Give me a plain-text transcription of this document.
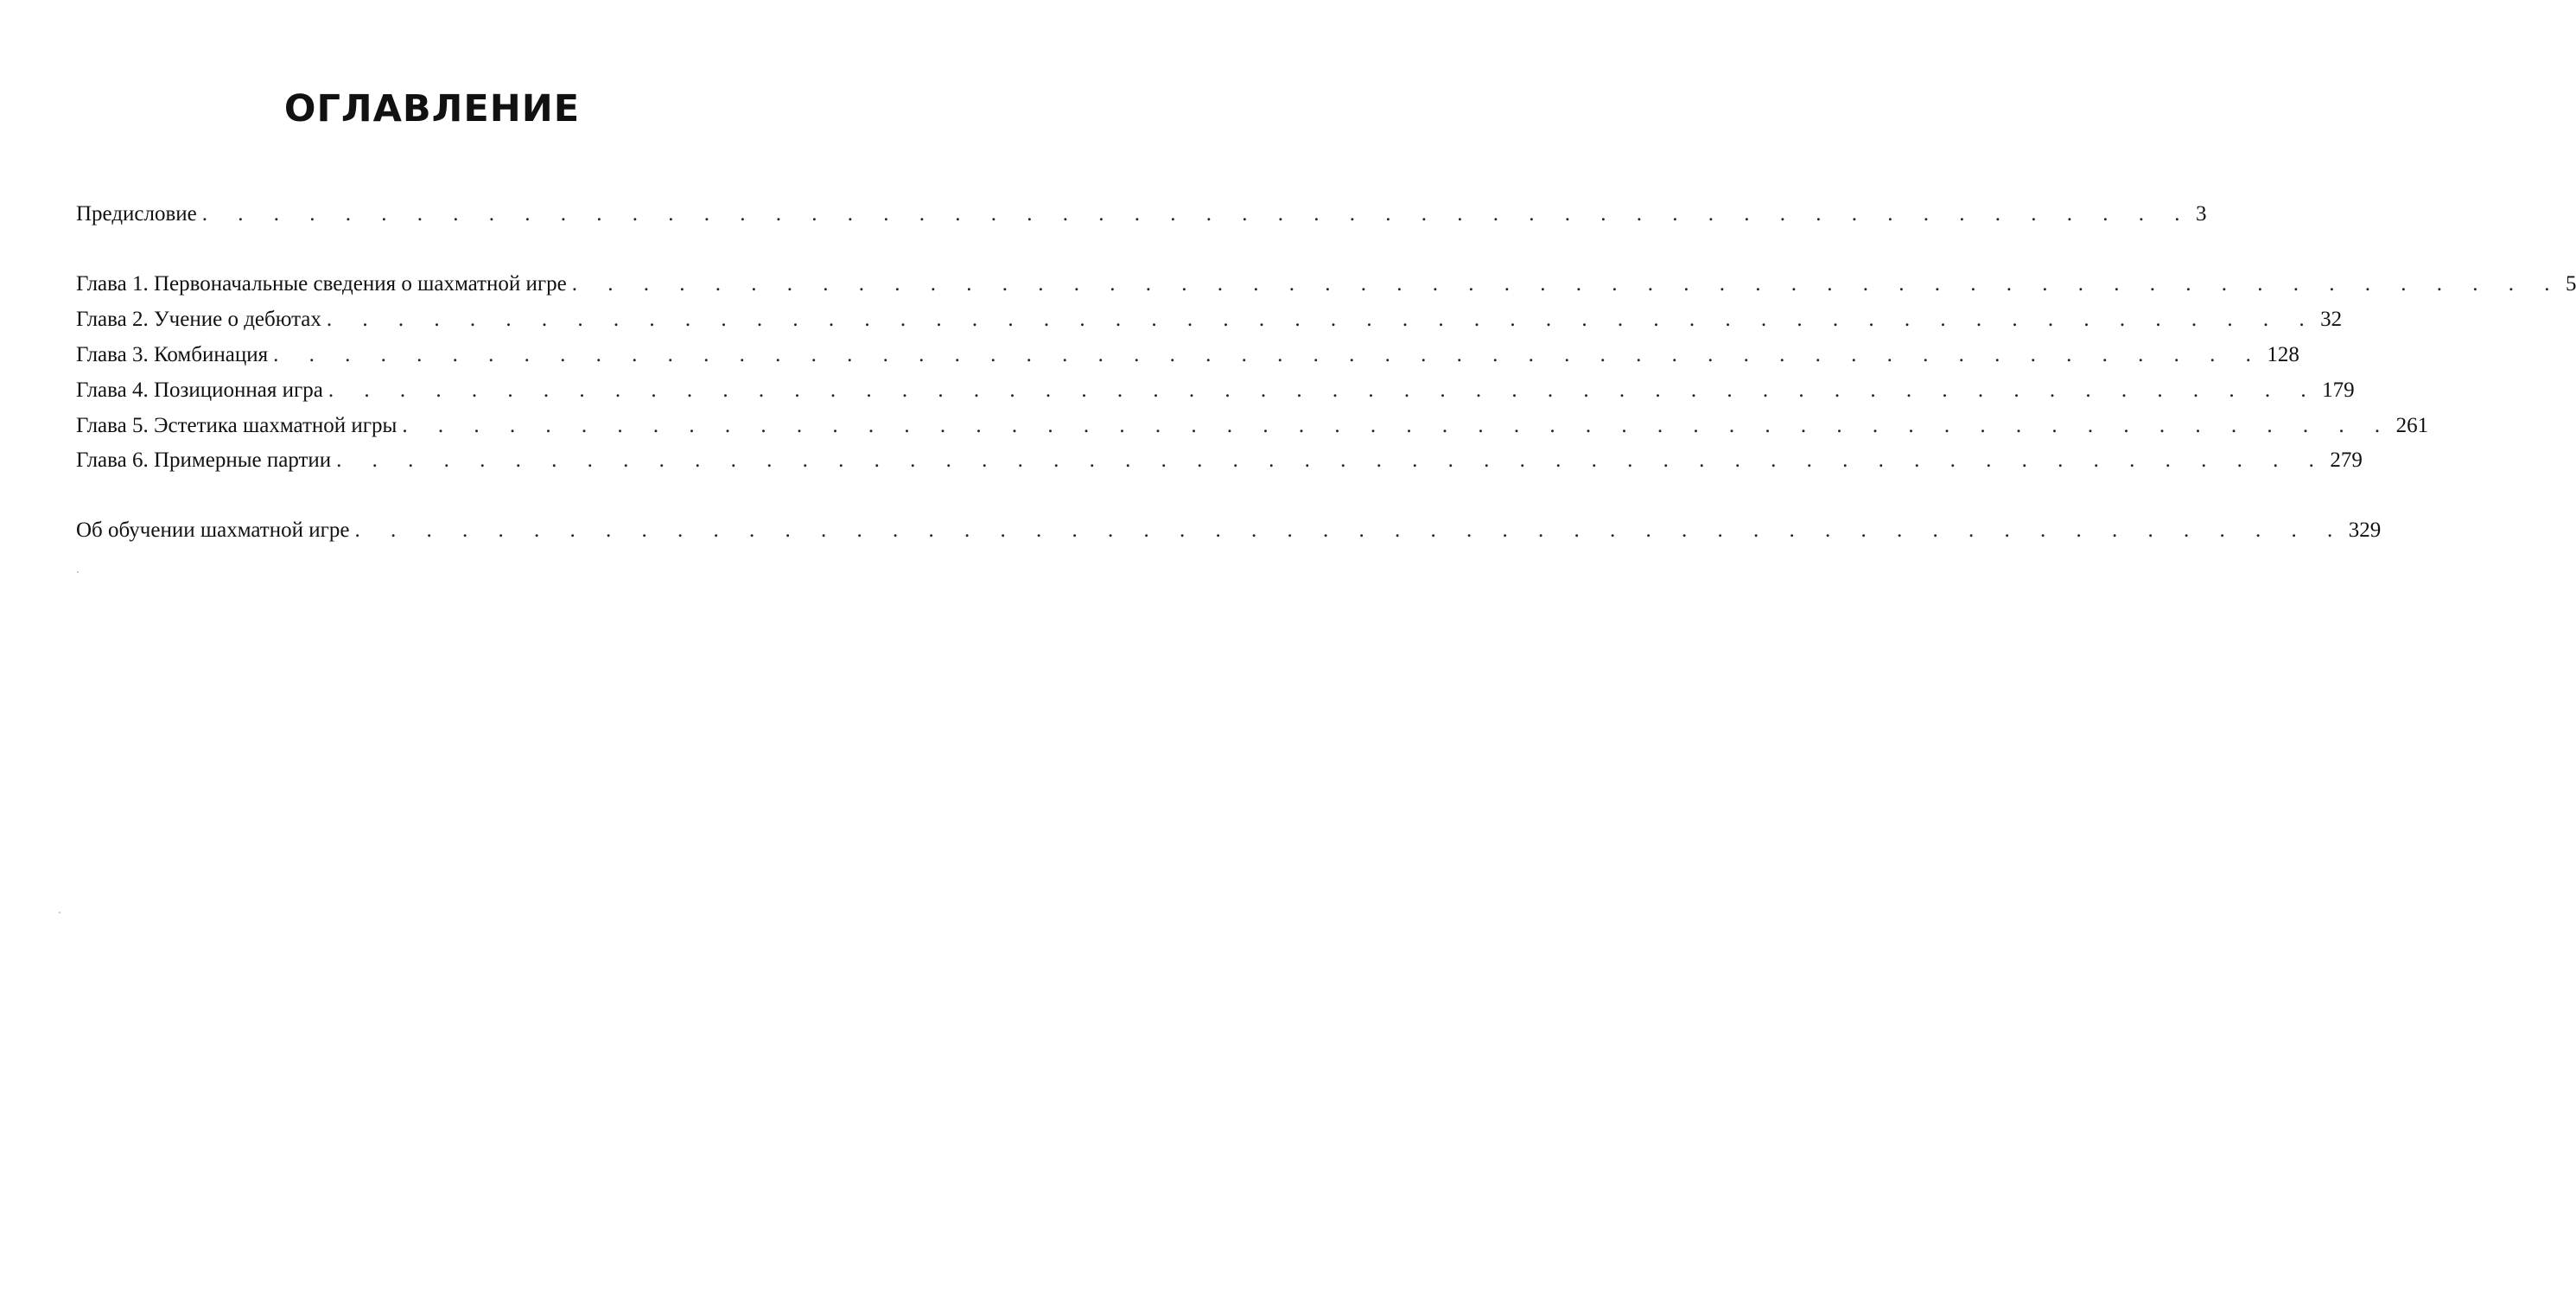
ОГЛАВЛЕНИЕ
Предисловие . . . . . . . . . . . . . . . . . . . . . . . . . . . . . . . . . . . . . . . . . . . . . . . . . . . . . . . . 3
Глава 1. Первоначальные сведения о шахматной игре . . . . . . . . . . . . . . . . . . . . . . . . . . . . . . . . . . . . . . . . . . . . . . . . . . . . . . . . 5
Глава 2. Учение о дебютах . . . . . . . . . . . . . . . . . . . . . . . . . . . . . . . . . . . . . . . . . . . . . . . . . . . . . . . . 32
Глава 3. Комбинация . . . . . . . . . . . . . . . . . . . . . . . . . . . . . . . . . . . . . . . . . . . . . . . . . . . . . . . . 128
Глава 4. Позиционная игра . . . . . . . . . . . . . . . . . . . . . . . . . . . . . . . . . . . . . . . . . . . . . . . . . . . . . . . . 179
Глава 5. Эстетика шахматной игры . . . . . . . . . . . . . . . . . . . . . . . . . . . . . . . . . . . . . . . . . . . . . . . . . . . . . . . . 261
Глава 6. Примерные партии . . . . . . . . . . . . . . . . . . . . . . . . . . . . . . . . . . . . . . . . . . . . . . . . . . . . . . . . 279
Об обучении шахматной игре . . . . . . . . . . . . . . . . . . . . . . . . . . . . . . . . . . . . . . . . . . . . . . . . . . . . . . . . 329
